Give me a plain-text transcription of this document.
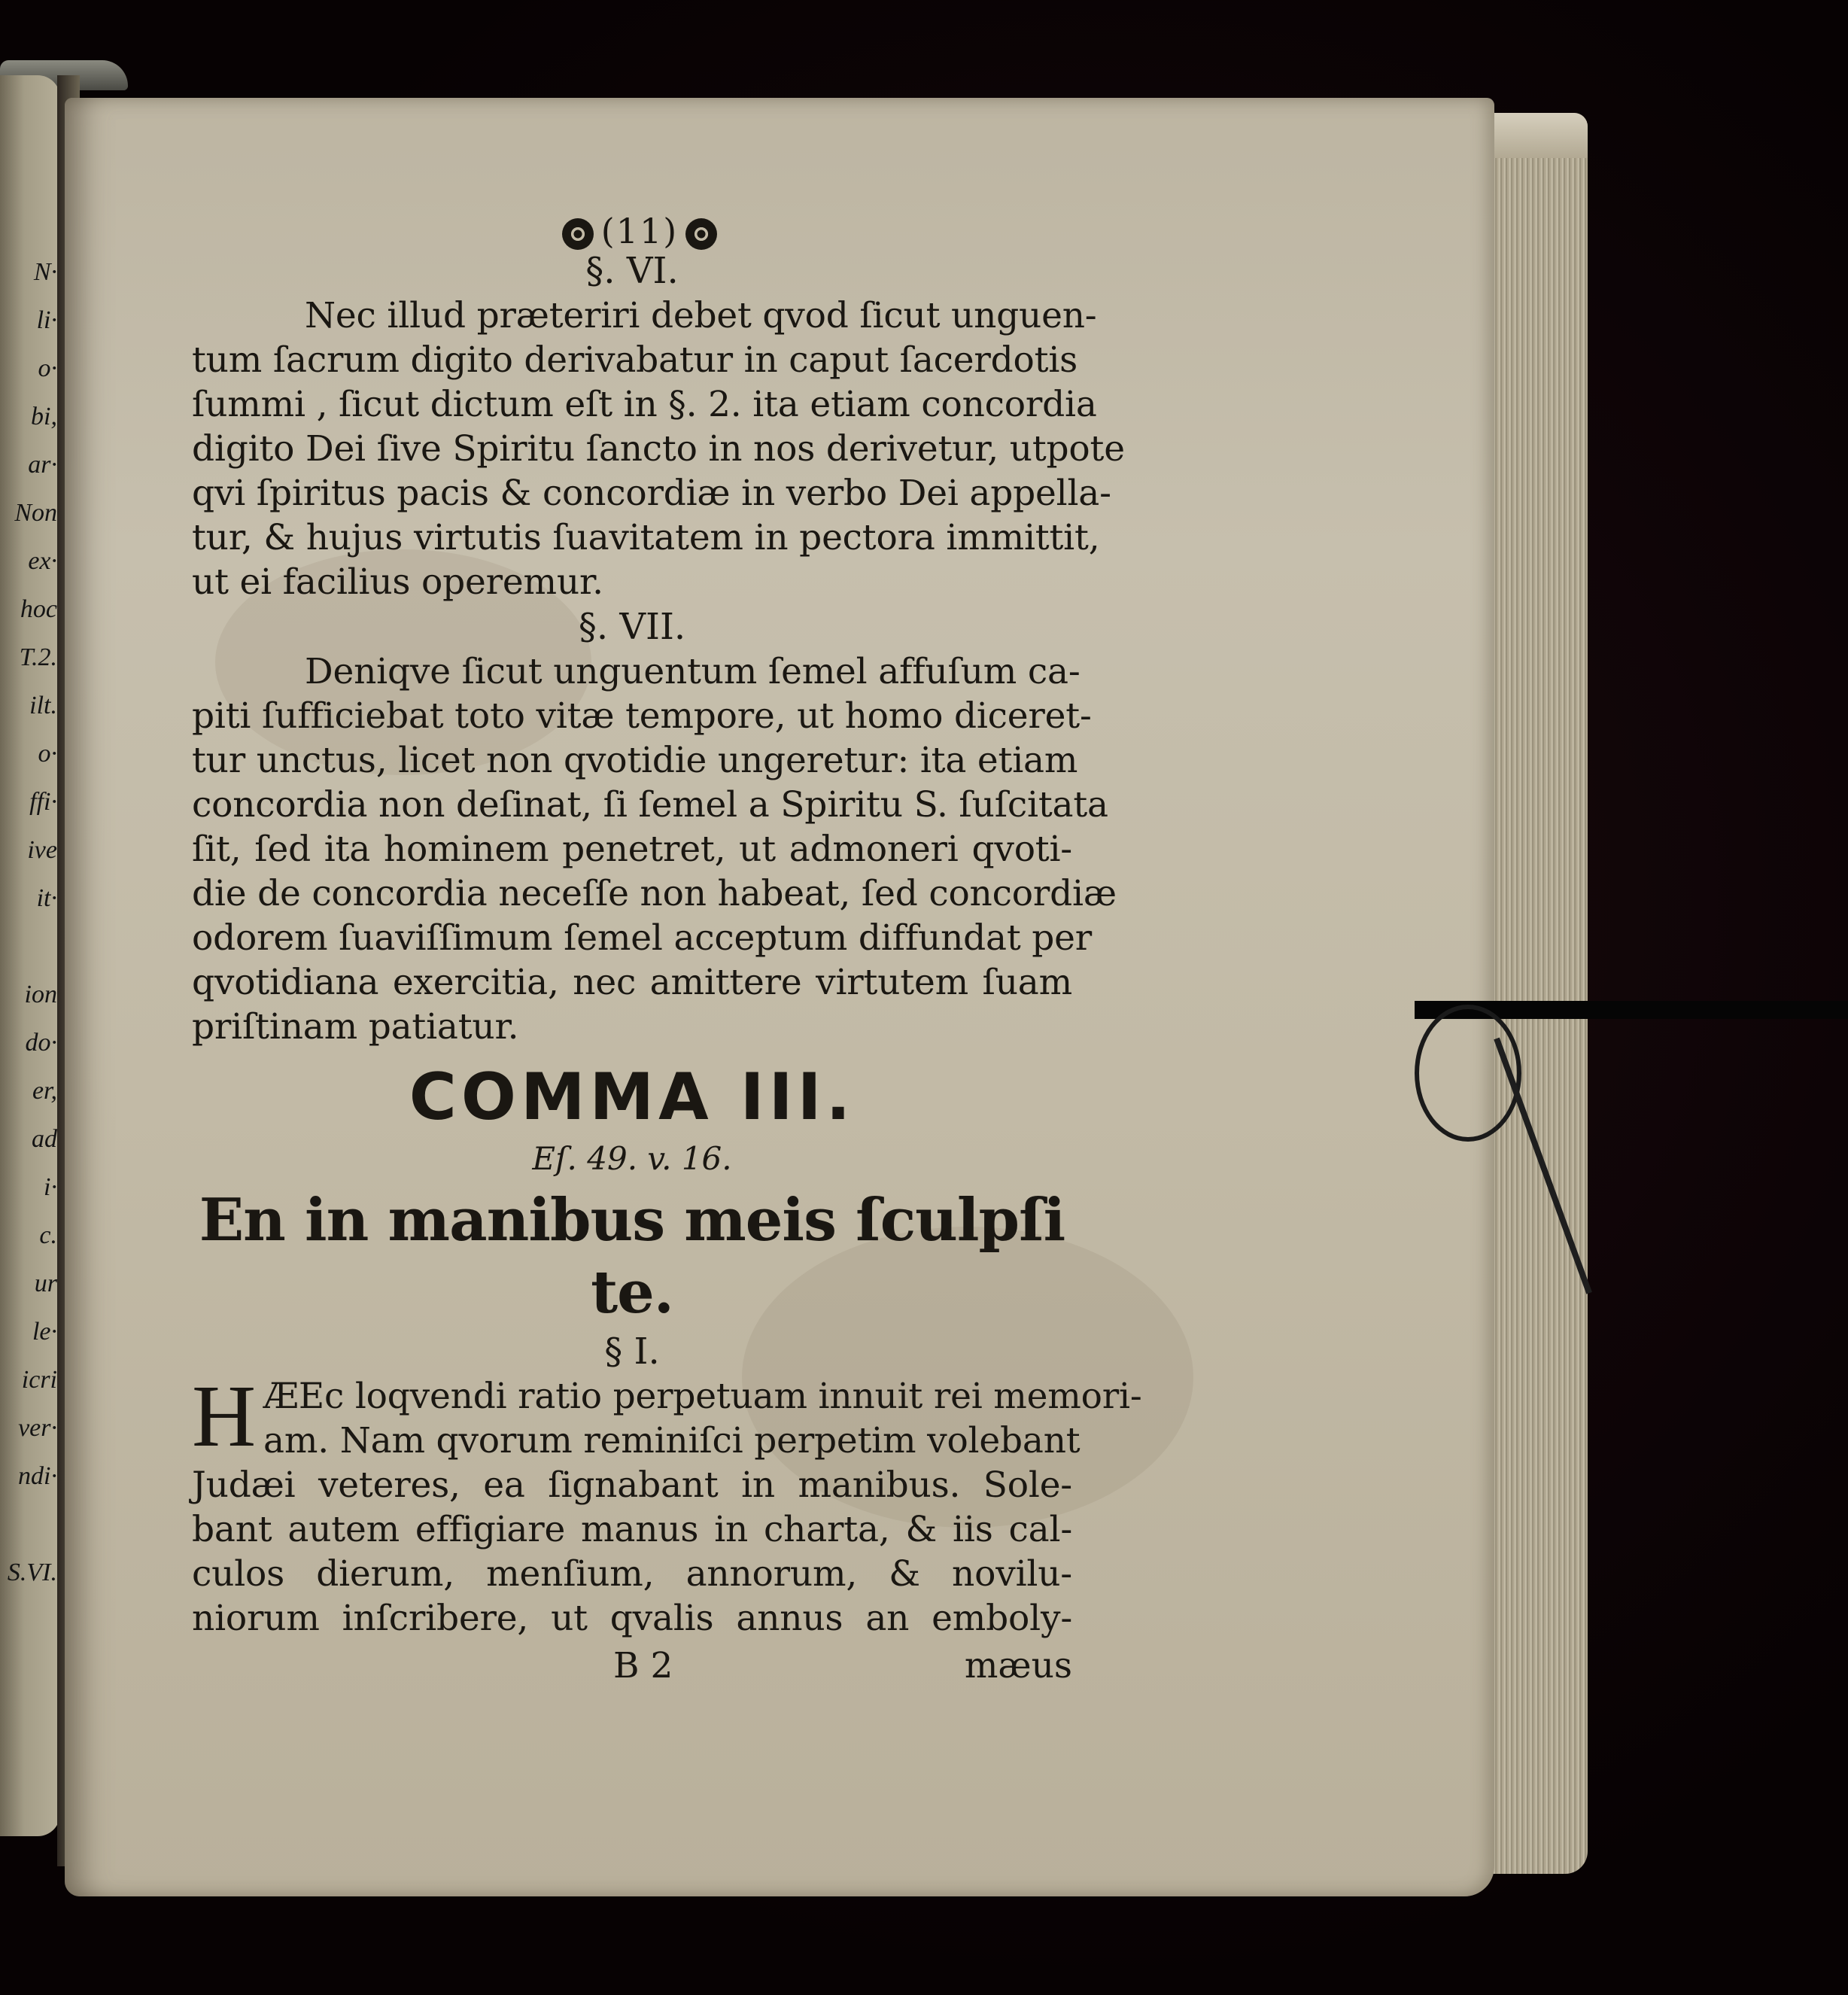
N·
li·
o·
bi,
ar·
Non
ex·
hoc
T.2.
ilt.
o·
ffi·
ive
it·
ion
do·
er,
ad
i·
c.
ur
le·
icri
ver·
ndi·
S.VI.
(11)

§. VI.

Nec illud præteriri debet qvod ſicut unguen-
tum ſacrum digito derivabatur in caput ſacerdotis
ſummi , ſicut dictum eſt in §. 2. ita etiam concordia
digito Dei ſive Spiritu ſancto in nos derivetur, utpote
qvi ſpiritus pacis & concordiæ in verbo Dei appella-
tur, & hujus virtutis ſuavitatem in pectora immittit,
ut ei facilius operemur.

§. VII.

Deniqve ſicut unguentum ſemel affuſum ca-
piti ſufficiebat toto vitæ tempore, ut homo diceret-
tur unctus, licet non qvotidie ungeretur: ita etiam
concordia non deſinat, ſi ſemel a Spiritu S. ſuſcitata
ſit, ſed ita hominem penetret, ut admoneri qvoti-
die de concordia neceſſe non habeat, ſed concordiæ
odorem ſuaviſſimum ſemel acceptum diffundat per
qvotidiana exercitia, nec amittere virtutem ſuam
priſtinam patiatur.

COMMA III.

Eſ. 49. v. 16.

En in manibus meis ſculpſi te.

§ I.

H ÆEc loqvendi ratio perpetuam innuit rei memori-
am. Nam qvorum reminiſci perpetim volebant
Judæi veteres, ea ſignabant in manibus. Sole-
bant autem effigiare manus in charta, & iis cal-
culos dierum, menſium, annorum, & novilu-
niorum inſcribere, ut qvalis annus an emboly-
B 2	mæus
